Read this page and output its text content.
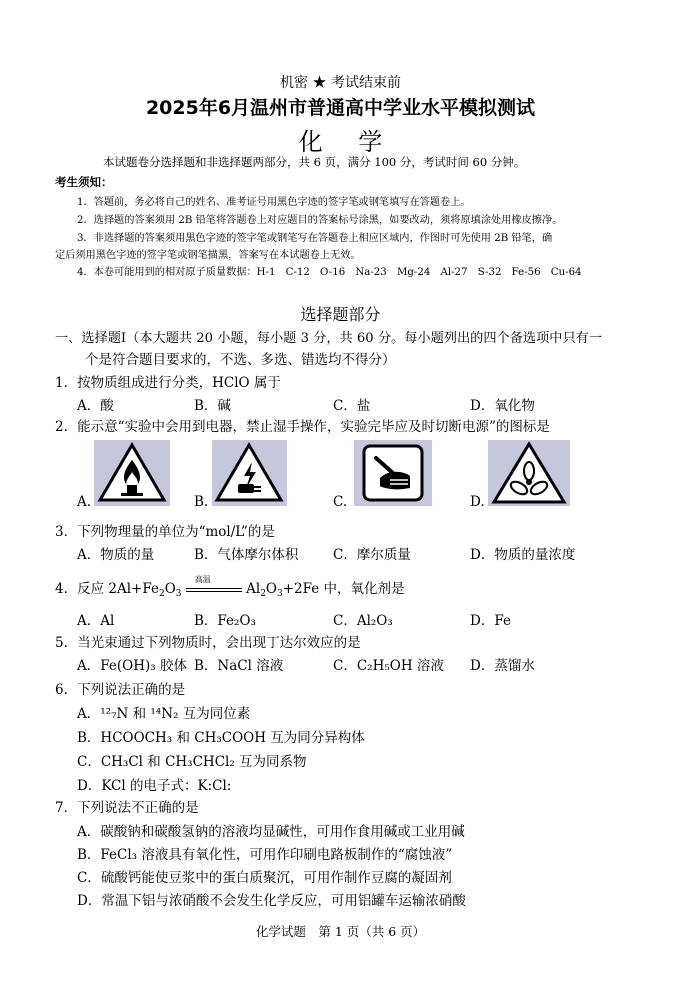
机密 ★ 考试结束前
2025年6月温州市普通高中学业水平模拟测试
化 学
本试题卷分选择题和非选择题两部分，共 6 页，满分 100 分，考试时间 60 分钟。
考生须知：
1．答题前，务必将自己的姓名、准考证号用黑色字迹的签字笔或钢笔填写在答题卷上。
2．选择题的答案须用 2B 铅笔将答题卷上对应题目的答案标号涂黑，如要改动，须将原填涂处用橡皮擦净。
3．非选择题的答案须用黑色字迹的签字笔或钢笔写在答题卷上相应区域内，作图时可先使用 2B 铅笔，确
定后须用黑色字迹的签字笔或钢笔描黑，答案写在本试题卷上无效。
4．本卷可能用到的相对原子质量数据：H-1　C-12　O-16　Na-23　Mg-24　Al-27　S-32　Fe-56　Cu-64
选择题部分
一、选择题Ⅰ（本大题共 20 小题，每小题 3 分，共 60 分。每小题列出的四个备选项中只有一
个是符合题目要求的，不选、多选、错选均不得分）
1．按物质组成进行分类，HClO 属于
A．酸	B．碱	C．盐	D．氧化物
2．能示意“实验中会用到电器，禁止湿手操作，实验完毕应及时切断电源”的图标是
A.	B.	C.	D.
3．下列物理量的单位为“mol/L”的是
A．物质的量	B．气体摩尔体积	C．摩尔质量	D．物质的量浓度
4．反应 $2Al+Fe_2O_3$
高温
$Al_2O_3+2Fe$ 中，氧化剂是
A．Al	B．Fe₂O₃	C．Al₂O₃	D．Fe
5．当光束通过下列物质时，会出现丁达尔效应的是
A．Fe(OH)₃ 胶体 B．NaCl 溶液	C．C₂H₅OH 溶液 D．蒸馏水
6．下列说法正确的是
A．¹²₇N 和 ¹⁴N₂ 互为同位素
B．HCOOCH₃ 和 CH₃COOH 互为同分异构体
C．CH₃Cl 和 CH₃CHCl₂ 互为同系物
D．KCl 的电子式：K:Cl:
7．下列说法不正确的是
A．碳酸钠和碳酸氢钠的溶液均显碱性，可用作食用碱或工业用碱
B．FeCl₃ 溶液具有氧化性，可用作印刷电路板制作的“腐蚀液”
C．硫酸钙能使豆浆中的蛋白质聚沉，可用作制作豆腐的凝固剂
D．常温下铝与浓硝酸不会发生化学反应，可用铝罐车运输浓硝酸
化学试题　第 1 页（共 6 页）
